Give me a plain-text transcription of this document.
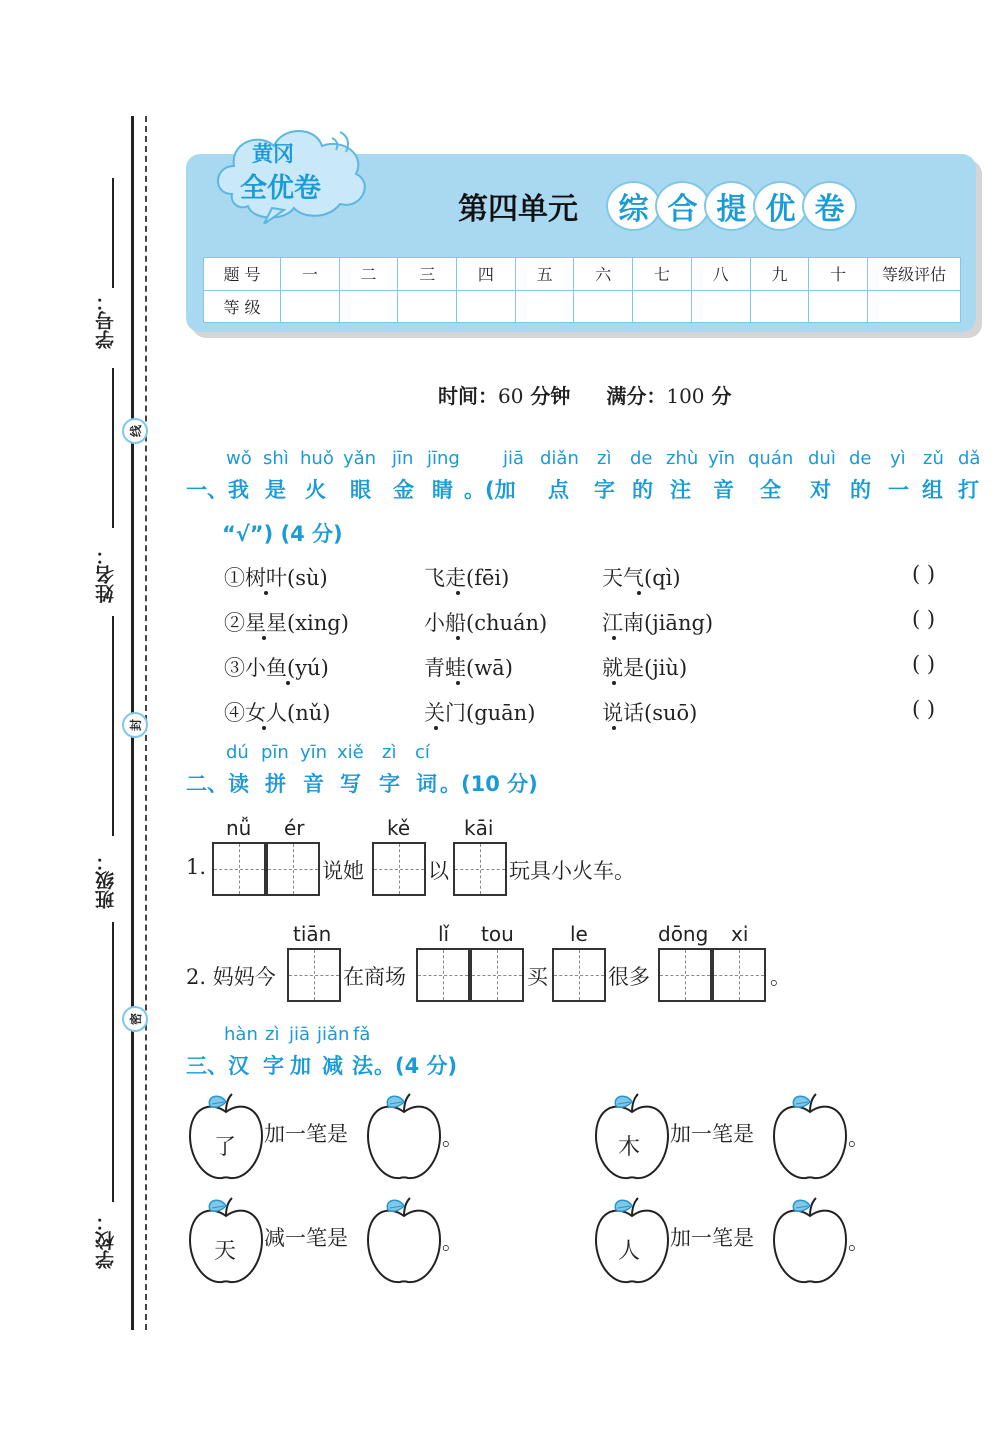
学号：
姓名：
班级：
学校：
线
封
密
黄冈
全优卷
第四单元	综 合 提 优 卷
题 号	一	二	三	四	五	六	七	八	九	十	等级评估
等 级											
时间：60 分钟 满分：100 分
wǒ shì huǒ yǎn jīn jīng jiā diǎn zì de zhù yīn quán duì de yì zǔ dǎ
一、我 是 火 眼 金 睛 。(加 点 字 的 注 音 全 对 的 一 组 打
“√”) (4 分)
①树叶(sù)	飞走(fēi)	天气(qì)	( )
②星星(xing)	小船(chuán)	江南(jiāng)	( )
③小鱼(yú)	青蛙(wā)	就是(jiù)	( )
④女人(nǔ)	关门(guān)	说话(suō)	( )
dú pīn yīn xiě zì cí
二、读 拼 音 写 字 词 。(10 分)
nǚ ér	kě	kāi
1.	说她	以	玩具小火车。
tiān	lǐ tou	le	dōng xi
2. 妈妈今	在商场	买	很多	。
hàn zì jiā jiǎn fǎ
三、汉 字 加 减 法 。(4 分)
了
加一笔是	。	木
加一笔是	。
天
减一笔是	。	人
加一笔是	。
